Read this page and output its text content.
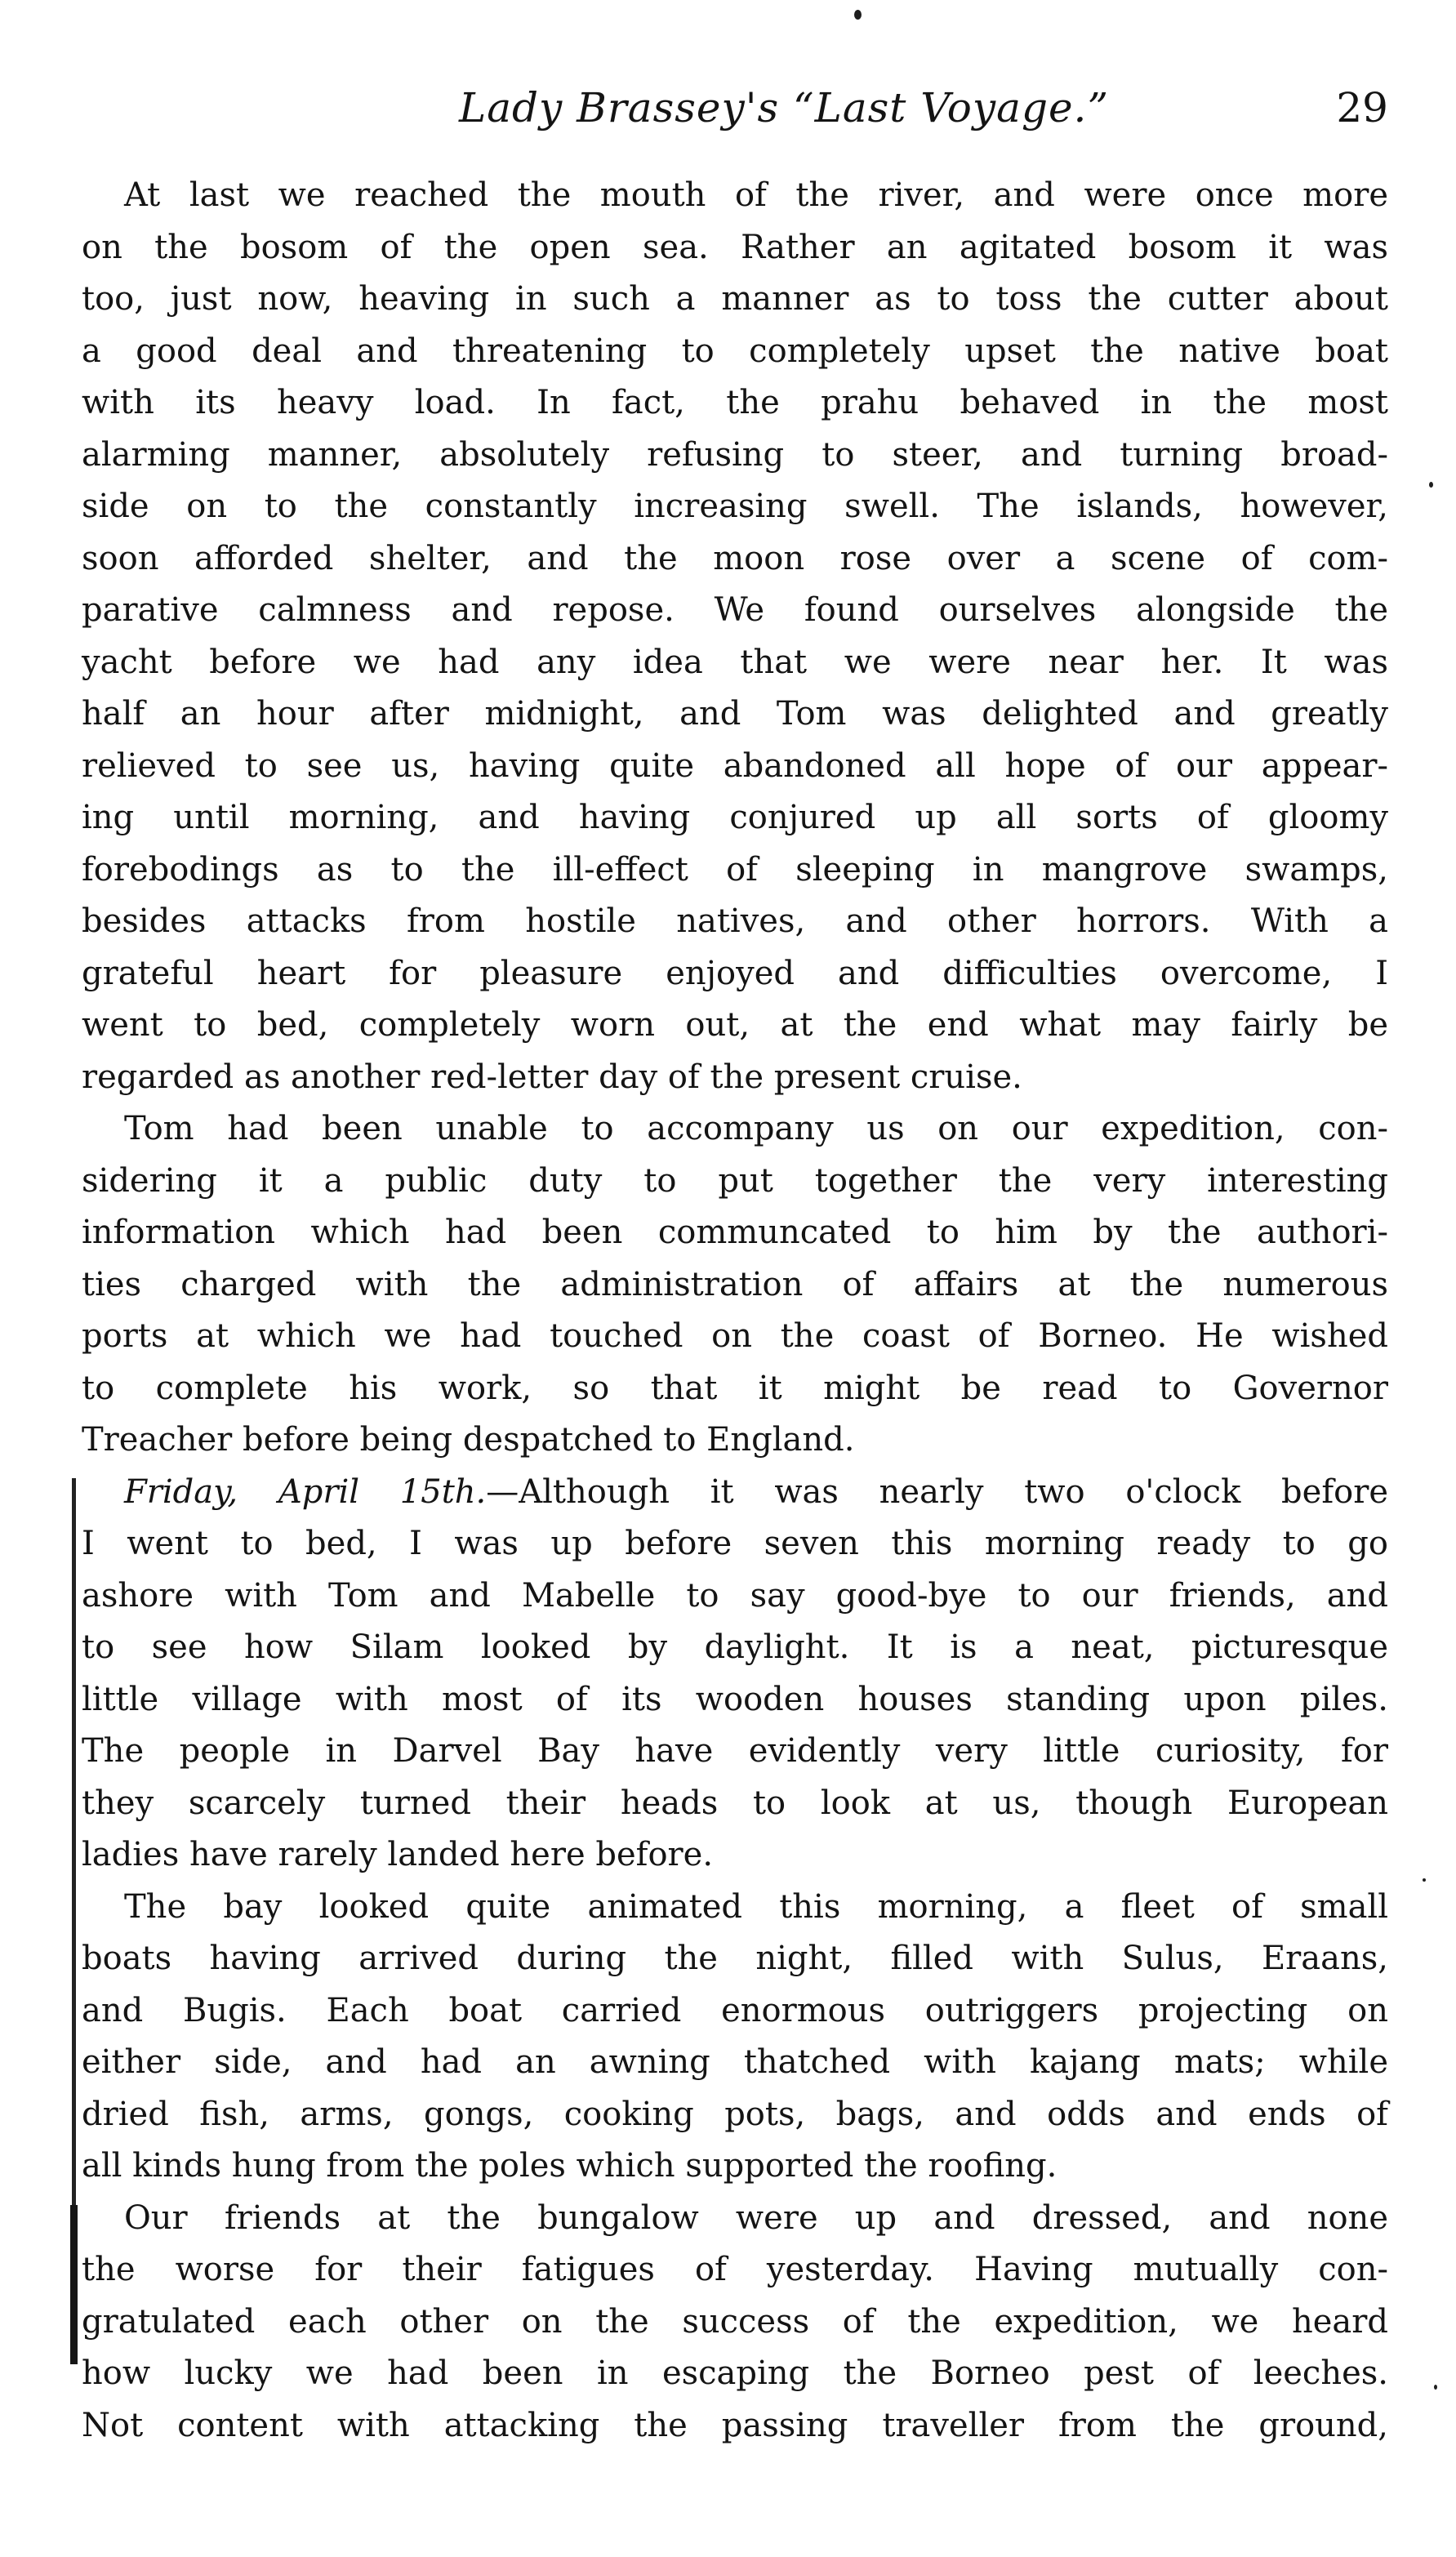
Lady Brassey's “Last Voyage.”	29

At last we reached the mouth of the river, and were once more
on the bosom of the open sea. Rather an agitated bosom it was
too, just now, heaving in such a manner as to toss the cutter about
a good deal and threatening to completely upset the native boat
with its heavy load. In fact, the prahu behaved in the most
alarming manner, absolutely refusing to steer, and turning broad-
side on to the constantly increasing swell. The islands, however,
soon afforded shelter, and the moon rose over a scene of com-
parative calmness and repose. We found ourselves alongside the
yacht before we had any idea that we were near her. It was
half an hour after midnight, and Tom was delighted and greatly
relieved to see us, having quite abandoned all hope of our appear-
ing until morning, and having conjured up all sorts of gloomy
forebodings as to the ill-effect of sleeping in mangrove swamps,
besides attacks from hostile natives, and other horrors. With a
grateful heart for pleasure enjoyed and difficulties overcome, I
went to bed, completely worn out, at the end what may fairly be
regarded as another red-letter day of the present cruise.

Tom had been unable to accompany us on our expedition, con-
sidering it a public duty to put together the very interesting
information which had been communcated to him by the authori-
ties charged with the administration of affairs at the numerous
ports at which we had touched on the coast of Borneo. He wished
to complete his work, so that it might be read to Governor
Treacher before being despatched to England.

Friday, April 15th.—Although it was nearly two o'clock before
I went to bed, I was up before seven this morning ready to go
ashore with Tom and Mabelle to say good-bye to our friends, and
to see how Silam looked by daylight. It is a neat, picturesque
little village with most of its wooden houses standing upon piles.
The people in Darvel Bay have evidently very little curiosity, for
they scarcely turned their heads to look at us, though European
ladies have rarely landed here before.

The bay looked quite animated this morning, a fleet of small
boats having arrived during the night, filled with Sulus, Eraans,
and Bugis. Each boat carried enormous outriggers projecting on
either side, and had an awning thatched with kajang mats; while
dried fish, arms, gongs, cooking pots, bags, and odds and ends of
all kinds hung from the poles which supported the roofing.

Our friends at the bungalow were up and dressed, and none
the worse for their fatigues of yesterday. Having mutually con-
gratulated each other on the success of the expedition, we heard
how lucky we had been in escaping the Borneo pest of leeches.
Not content with attacking the passing traveller from the ground,
